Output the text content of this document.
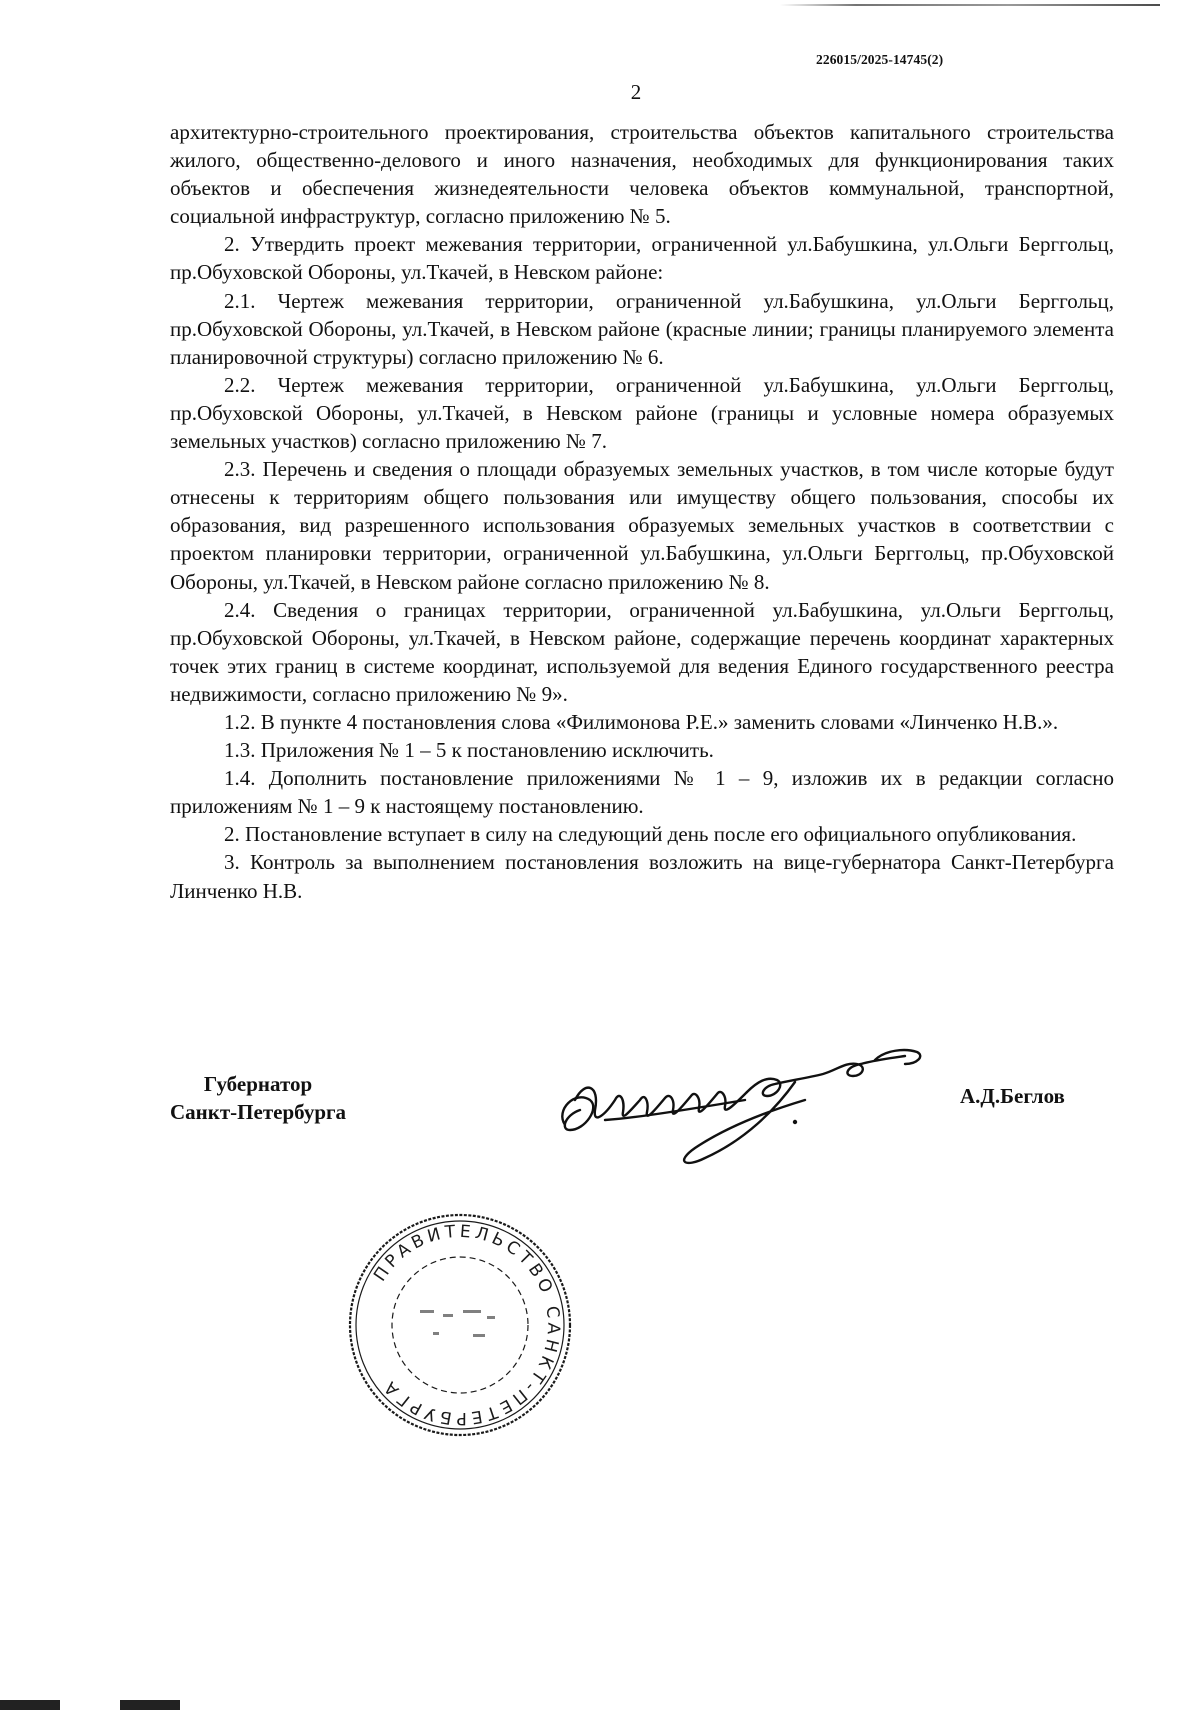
226015/2025-14745(2)
2

архитектурно-строительного проектирования, строительства объектов капитального строительства жилого, общественно-делового и иного назначения, необходимых для функционирования таких объектов и обеспечения жизнедеятельности человека объектов коммунальной, транспортной, социальной инфраструктур, согласно приложению № 5.

2. Утвердить проект межевания территории, ограниченной ул.Бабушкина, ул.Ольги Берггольц, пр.Обуховской Обороны, ул.Ткачей, в Невском районе:

2.1. Чертеж межевания территории, ограниченной ул.Бабушкина, ул.Ольги Берггольц, пр.Обуховской Обороны, ул.Ткачей, в Невском районе (красные линии; границы планируемого элемента планировочной структуры) согласно приложению № 6.

2.2. Чертеж межевания территории, ограниченной ул.Бабушкина, ул.Ольги Берггольц, пр.Обуховской Обороны, ул.Ткачей, в Невском районе (границы и условные номера образуемых земельных участков) согласно приложению № 7.

2.3. Перечень и сведения о площади образуемых земельных участков, в том числе которые будут отнесены к территориям общего пользования или имуществу общего пользования, способы их образования, вид разрешенного использования образуемых земельных участков в соответствии с проектом планировки территории, ограниченной ул.Бабушкина, ул.Ольги Берггольц, пр.Обуховской Обороны, ул.Ткачей, в Невском районе согласно приложению № 8.

2.4. Сведения о границах территории, ограниченной ул.Бабушкина, ул.Ольги Берггольц, пр.Обуховской Обороны, ул.Ткачей, в Невском районе, содержащие перечень координат характерных точек этих границ в системе координат, используемой для ведения Единого государственного реестра недвижимости, согласно приложению № 9».

1.2. В пункте 4 постановления слова «Филимонова Р.Е.» заменить словами «Линченко Н.В.».

1.3. Приложения № 1 – 5 к постановлению исключить.

1.4. Дополнить постановление приложениями № 1 – 9, изложив их в редакции согласно приложениям № 1 – 9 к настоящему постановлению.

2. Постановление вступает в силу на следующий день после его официального опубликования.

3. Контроль за выполнением постановления возложить на вице-губернатора Санкт-Петербурга Линченко Н.В.

Губернатор
Санкт-Петербурга
А.Д.Беглов
ПРАВИТЕЛЬСТВО САНКТ-ПЕТЕРБУРГА
